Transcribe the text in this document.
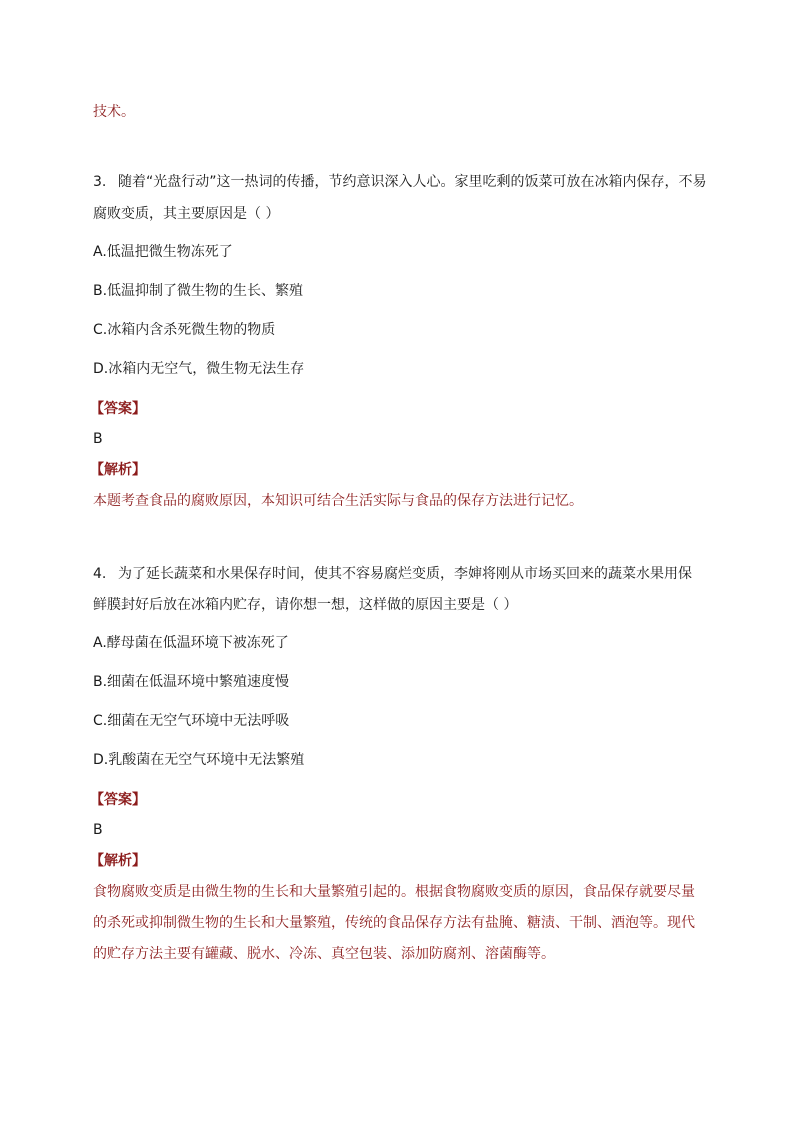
技术。
3. 随着“光盘行动”这一热词的传播，节约意识深入人心。家里吃剩的饭菜可放在冰箱内保存，不易
腐败变质，其主要原因是（ ）
A.低温把微生物冻死了
B.低温抑制了微生物的生长、繁殖
C.冰箱内含杀死微生物的物质
D.冰箱内无空气，微生物无法生存
【答案】
B
【解析】
本题考查食品的腐败原因，本知识可结合生活实际与食品的保存方法进行记忆。
4. 为了延长蔬菜和水果保存时间，使其不容易腐烂变质，李婶将刚从市场买回来的蔬菜水果用保
鲜膜封好后放在冰箱内贮存，请你想一想，这样做的原因主要是（ ）
A.酵母菌在低温环境下被冻死了
B.细菌在低温环境中繁殖速度慢
C.细菌在无空气环境中无法呼吸
D.乳酸菌在无空气环境中无法繁殖
【答案】
B
【解析】
食物腐败变质是由微生物的生长和大量繁殖引起的。根据食物腐败变质的原因，食品保存就要尽量
的杀死或抑制微生物的生长和大量繁殖，传统的食品保存方法有盐腌、糖渍、干制、酒泡等。现代
的贮存方法主要有罐藏、脱水、冷冻、真空包装、添加防腐剂、溶菌酶等。
